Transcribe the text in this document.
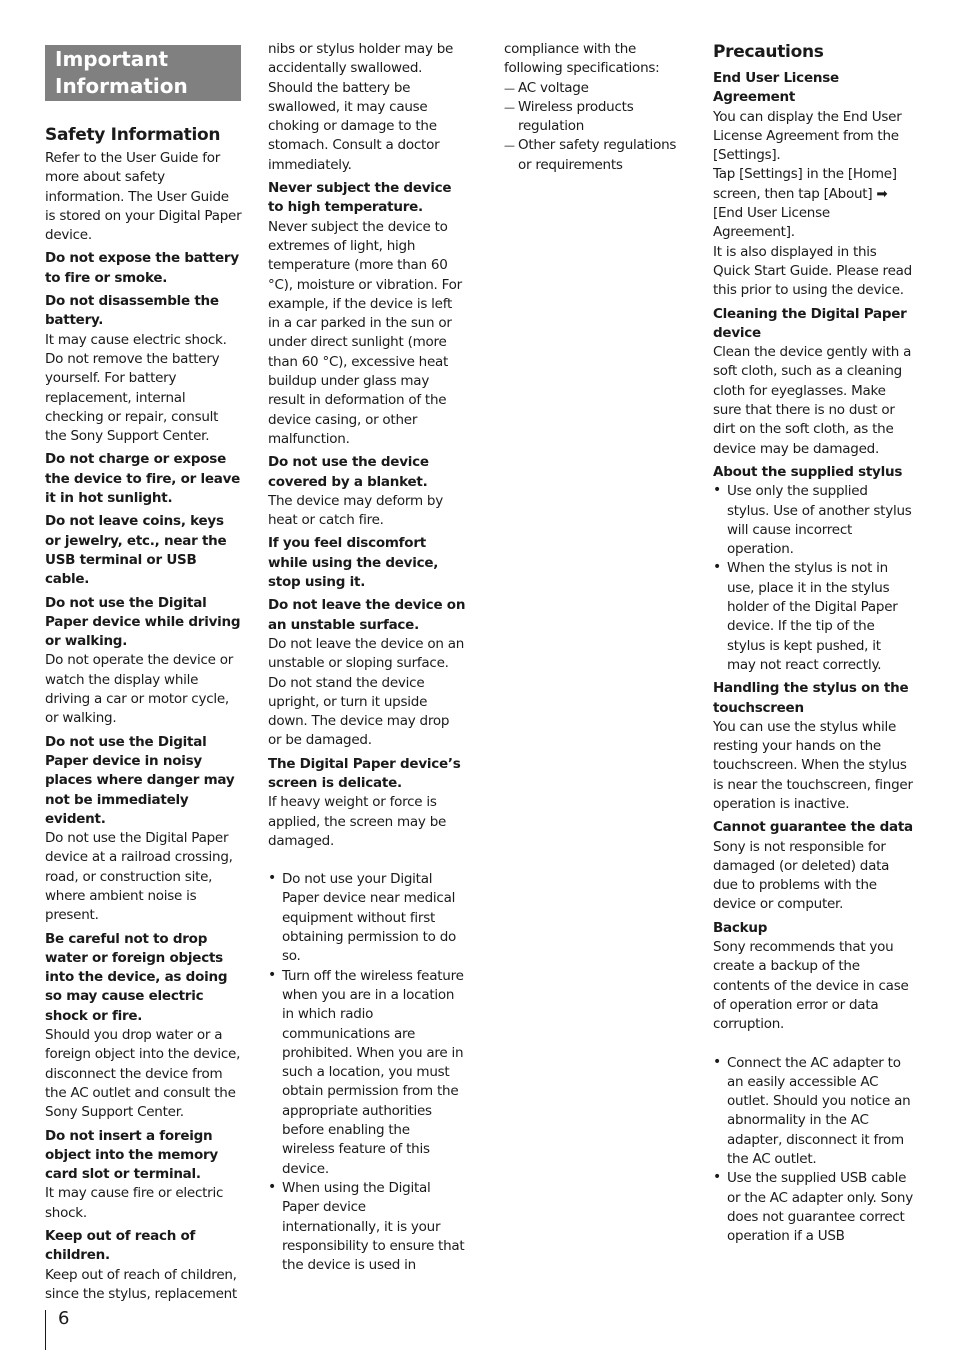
Important Information
Safety Information
Refer to the User Guide for more about safety information. The User Guide is stored on your Digital Paper device.
Do not expose the battery to fire or smoke.
Do not disassemble the battery.
It may cause electric shock. Do not remove the battery yourself. For battery replacement, internal checking or repair, consult the Sony Support Center.
Do not charge or expose the device to fire, or leave it in hot sunlight.
Do not leave coins, keys or jewelry, etc., near the USB terminal or USB cable.
Do not use the Digital Paper device while driving or walking.
Do not operate the device or watch the display while driving a car or motor cycle, or walking.
Do not use the Digital Paper device in noisy places where danger may not be immediately evident.
Do not use the Digital Paper device at a railroad crossing, road, or construction site, where ambient noise is present.
Be careful not to drop water or foreign objects into the device, as doing so may cause electric shock or fire.
Should you drop water or a foreign object into the device, disconnect the device from the AC outlet and consult the Sony Support Center.
Do not insert a foreign object into the memory card slot or terminal.
It may cause fire or electric shock.
Keep out of reach of children.
Keep out of reach of children, since the stylus, replacement
nibs or stylus holder may be accidentally swallowed. Should the battery be swallowed, it may cause choking or damage to the stomach. Consult a doctor immediately.
Never subject the device to high temperature.
Never subject the device to extremes of light, high temperature (more than 60 °C), moisture or vibration. For example, if the device is left in a car parked in the sun or under direct sunlight (more than 60 °C), excessive heat buildup under glass may result in deformation of the device casing, or other malfunction.
Do not use the device covered by a blanket.
The device may deform by heat or catch fire.
If you feel discomfort while using the device, stop using it.
Do not leave the device on an unstable surface.
Do not leave the device on an unstable or sloping surface. Do not stand the device upright, or turn it upside down. The device may drop or be damaged.
The Digital Paper device’s screen is delicate.
If heavy weight or force is applied, the screen may be damaged.
• Do not use your Digital Paper device near medical equipment without first obtaining permission to do so.
• Turn off the wireless feature when you are in a location in which radio communications are prohibited. When you are in such a location, you must obtain permission from the appropriate authorities before enabling the wireless feature of this device.
• When using the Digital Paper device internationally, it is your responsibility to ensure that the device is used in
compliance with the following specifications:
— AC voltage
— Wireless products regulation
— Other safety regulations or requirements
Precautions
End User License Agreement
You can display the End User License Agreement from the [Settings].
Tap [Settings] in the [Home] screen, then tap [About] ➡ [End User License Agreement].
It is also displayed in this Quick Start Guide. Please read this prior to using the device.
Cleaning the Digital Paper device
Clean the device gently with a soft cloth, such as a cleaning cloth for eyeglasses. Make sure that there is no dust or dirt on the soft cloth, as the device may be damaged.
About the supplied stylus
• Use only the supplied stylus. Use of another stylus will cause incorrect operation.
• When the stylus is not in use, place it in the stylus holder of the Digital Paper device. If the tip of the stylus is kept pushed, it may not react correctly.
Handling the stylus on the touchscreen
You can use the stylus while resting your hands on the touchscreen. When the stylus is near the touchscreen, finger operation is inactive.
Cannot guarantee the data
Sony is not responsible for damaged (or deleted) data due to problems with the device or computer.
Backup
Sony recommends that you create a backup of the contents of the device in case of operation error or data corruption.
• Connect the AC adapter to an easily accessible AC outlet. Should you notice an abnormality in the AC adapter, disconnect it from the AC outlet.
• Use the supplied USB cable or the AC adapter only. Sony does not guarantee correct operation if a USB
6
